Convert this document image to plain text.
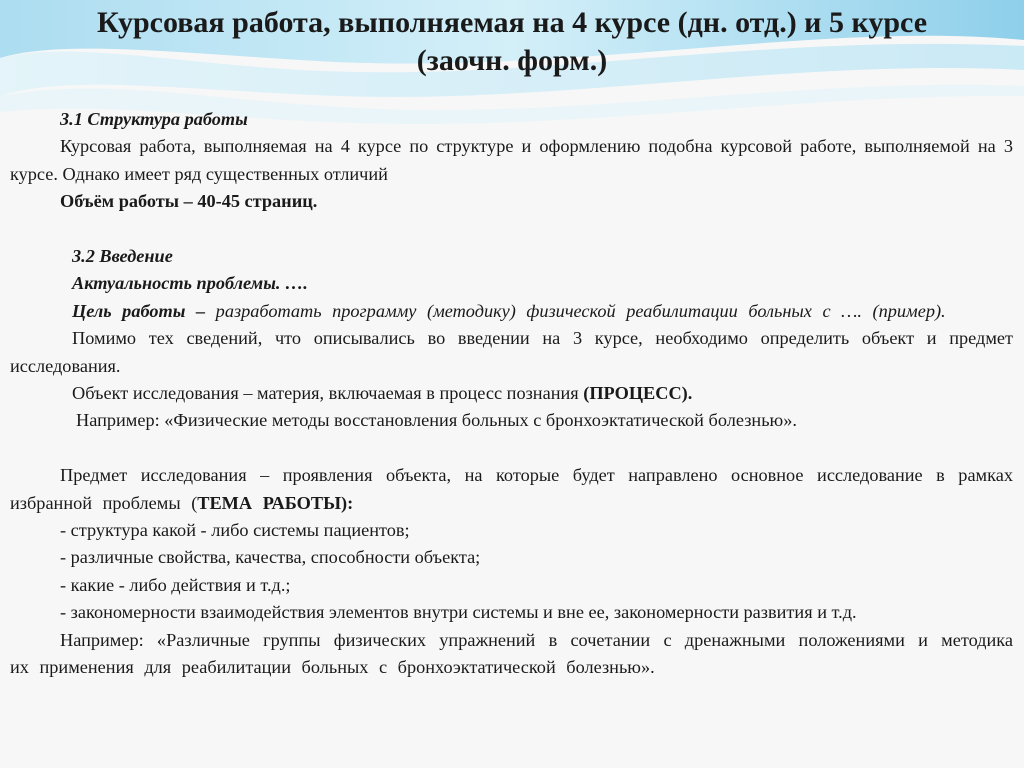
Курсовая работа, выполняемая на 4 курсе (дн. отд.) и 5 курсе
(заочн. форм.)

3.1 Структура работы

Курсовая работа, выполняемая на 4 курсе по структуре и оформлению подобна курсовой работе, выполняемой на 3 курсе. Однако имеет ряд существенных отличий

Объём работы – 40-45 страниц.

3.2 Введение

Актуальность проблемы. ….

Цель работы – разработать программу (методику) физической реабилитации больных с …. (пример).

Помимо тех сведений, что описывались во введении на 3 курсе, необходимо определить объект и предмет исследования.

Объект исследования – материя, включаемая в процесс познания (ПРОЦЕСС).

Например: «Физические методы восстановления больных с бронхоэктатической болезнью».

Предмет исследования – проявления объекта, на которые будет направлено основное исследование в рамках избранной проблемы (ТЕМА РАБОТЫ):

- структура какой - либо системы пациентов;

- различные свойства, качества, способности объекта;

- какие - либо действия и т.д.;

- закономерности взаимодействия элементов внутри системы и вне ее, закономерности развития и т.д.

Например: «Различные группы физических упражнений в сочетании с дренажными положениями и методика их применения для реабилитации больных с бронхоэктатической болезнью».
